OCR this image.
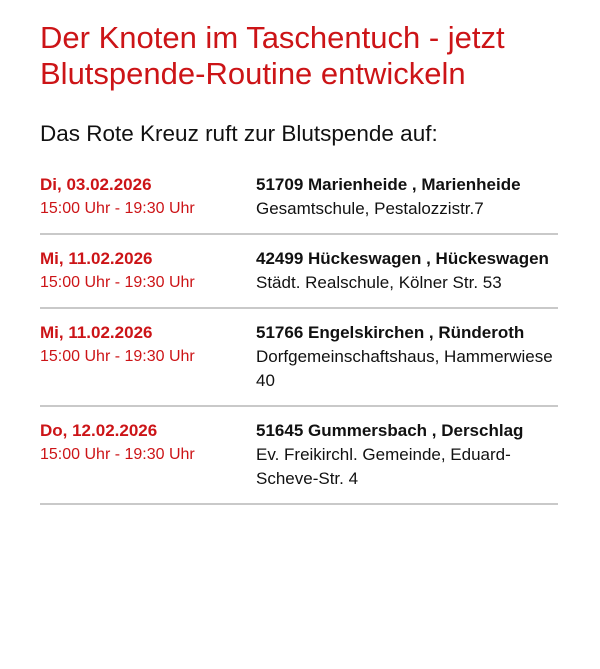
Der Knoten im Taschentuch - jetzt Blutspende-Routine entwickeln
Das Rote Kreuz ruft zur Blutspende auf:
Di, 03.02.2026
15:00 Uhr - 19:30 Uhr
51709 Marienheide , Marienheide
Gesamtschule, Pestalozzistr.7
Mi, 11.02.2026
15:00 Uhr - 19:30 Uhr
42499 Hückeswagen , Hückeswagen
Städt. Realschule, Kölner Str. 53
Mi, 11.02.2026
15:00 Uhr - 19:30 Uhr
51766 Engelskirchen , Ründeroth
Dorfgemeinschaftshaus, Hammerwiese 40
Do, 12.02.2026
15:00 Uhr - 19:30 Uhr
51645 Gummersbach , Derschlag
Ev. Freikirchl. Gemeinde, Eduard-Scheve-Str. 4
